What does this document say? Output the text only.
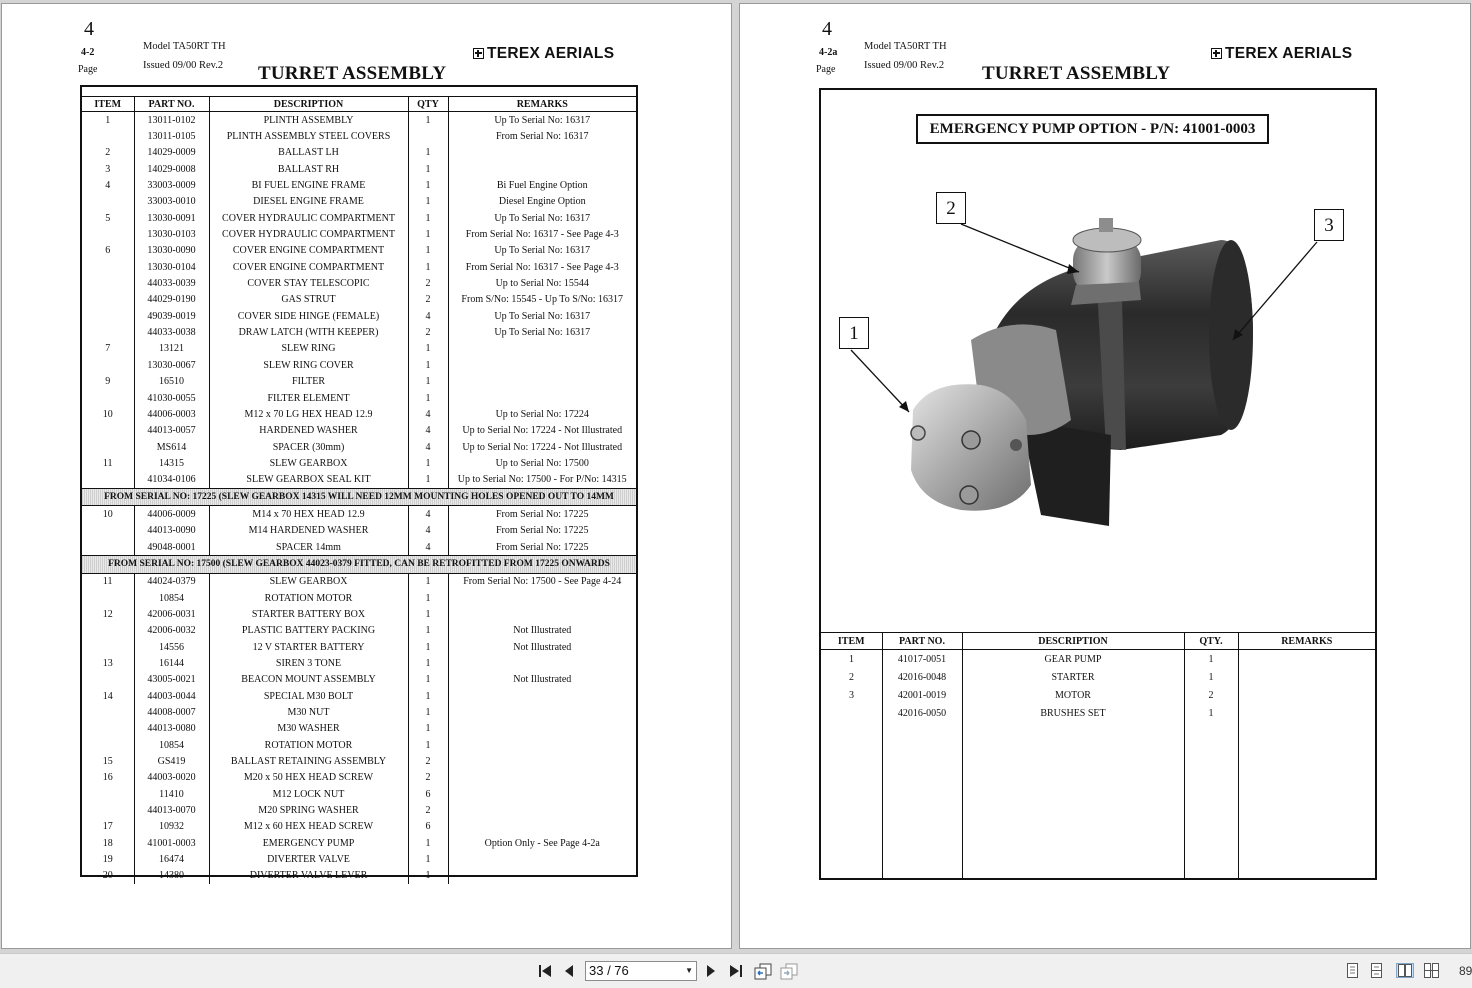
4
4-2
Page
Model TA50RT TH
Issued 09/00 Rev.2 TURRET ASSEMBLY
TEREX AERIALS
ITEM	PART NO.	DESCRIPTION	QTY	REMARKS
1	13011-0102	PLINTH ASSEMBLY	1	Up To Serial No: 16317
	13011-0105	PLINTH ASSEMBLY STEEL COVERS		From Serial No: 16317
2	14029-0009	BALLAST LH	1	
3	14029-0008	BALLAST RH	1	
4	33003-0009	BI FUEL ENGINE FRAME	1	Bi Fuel Engine Option
	33003-0010	DIESEL ENGINE FRAME	1	Diesel Engine Option
5	13030-0091	COVER HYDRAULIC COMPARTMENT	1	Up To Serial No: 16317
	13030-0103	COVER HYDRAULIC COMPARTMENT	1	From Serial No: 16317 - See Page 4-3
6	13030-0090	COVER ENGINE COMPARTMENT	1	Up To Serial No: 16317
	13030-0104	COVER ENGINE COMPARTMENT	1	From Serial No: 16317 - See Page 4-3
	44033-0039	COVER STAY TELESCOPIC	2	Up to Serial No: 15544
	44029-0190	GAS STRUT	2	From S/No: 15545 - Up To S/No: 16317
	49039-0019	COVER SIDE HINGE (FEMALE)	4	Up To Serial No: 16317
	44033-0038	DRAW LATCH (WITH KEEPER)	2	Up To Serial No: 16317
7	13121	SLEW RING	1	
	13030-0067	SLEW RING COVER	1	
9	16510	FILTER	1	
	41030-0055	FILTER ELEMENT	1	
10	44006-0003	M12 x 70 LG HEX HEAD 12.9	4	Up to Serial No: 17224
	44013-0057	HARDENED WASHER	4	Up to Serial No: 17224 - Not Illustrated
	MS614	SPACER (30mm)	4	Up to Serial No: 17224 - Not Illustrated
11	14315	SLEW GEARBOX	1	Up to Serial No: 17500
	41034-0106	SLEW GEARBOX SEAL KIT	1	Up to Serial No: 17500 - For P/No: 14315
FROM SERIAL NO: 17225 (SLEW GEARBOX 14315 WILL NEED 12MM MOUNTING HOLES OPENED OUT TO 14MM				
10	44006-0009	M14 x 70 HEX HEAD 12.9	4	From Serial No: 17225
	44013-0090	M14 HARDENED WASHER	4	From Serial No: 17225
	49048-0001	SPACER 14mm	4	From Serial No: 17225
FROM SERIAL NO: 17500 (SLEW GEARBOX 44023-0379 FITTED, CAN BE RETROFITTED FROM 17225 ONWARDS				
11	44024-0379	SLEW GEARBOX	1	From Serial No: 17500 - See Page 4-24
	10854	ROTATION MOTOR	1	
12	42006-0031	STARTER BATTERY BOX	1	
	42006-0032	PLASTIC BATTERY PACKING	1	Not Illustrated
	14556	12 V STARTER BATTERY	1	Not Illustrated
13	16144	SIREN 3 TONE	1	
	43005-0021	BEACON MOUNT ASSEMBLY	1	Not Illustrated
14	44003-0044	SPECIAL M30 BOLT	1	
	44008-0007	M30 NUT	1	
	44013-0080	M30 WASHER	1	
	10854	ROTATION MOTOR	1	
15	GS419	BALLAST RETAINING ASSEMBLY	2	
16	44003-0020	M20 x 50 HEX HEAD SCREW	2	
	11410	M12 LOCK NUT	6	
	44013-0070	M20 SPRING WASHER	2	
17	10932	M12 x 60 HEX HEAD SCREW	6	
18	41001-0003	EMERGENCY PUMP	1	Option Only - See Page 4-2a
19	16474	DIVERTER VALVE	1	
20	14380	DIVERTER VALVE LEVER	1	
4
4-2a
Page
Model TA50RT TH
Issued 09/00 Rev.2 TURRET ASSEMBLY
TEREX AERIALS
EMERGENCY PUMP OPTION - P/N: 41001-0003
2
3
1
ITEM	PART NO.	DESCRIPTION	QTY.	REMARKS
1	41017-0051	GEAR PUMP	1	
2	42016-0048	STARTER	1	
3	42001-0019	MOTOR	2	
	42016-0050	BRUSHES SET	1	
33 / 76	▼	89
